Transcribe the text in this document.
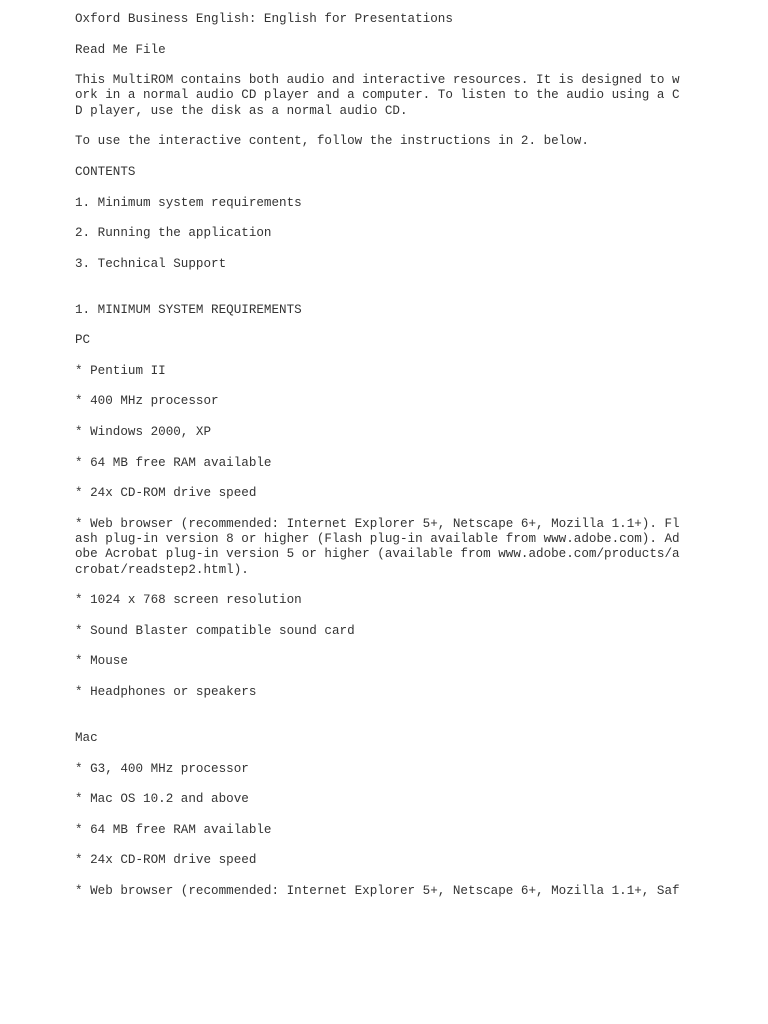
Oxford Business English: English for Presentations
Read Me File
This MultiROM contains both audio and interactive resources. It is designed to w
ork in a normal audio CD player and a computer. To listen to the audio using a C
D player, use the disk as a normal audio CD.
To use the interactive content, follow the instructions in 2. below.
CONTENTS
1. Minimum system requirements
2. Running the application
3. Technical Support
1. MINIMUM SYSTEM REQUIREMENTS
PC
* Pentium II
* 400 MHz processor
* Windows 2000, XP
* 64 MB free RAM available
* 24x CD-ROM drive speed
* Web browser (recommended: Internet Explorer 5+, Netscape 6+, Mozilla 1.1+). Fl
ash plug-in version 8 or higher (Flash plug-in available from www.adobe.com). Ad
obe Acrobat plug-in version 5 or higher (available from www.adobe.com/products/a
crobat/readstep2.html).
* 1024 x 768 screen resolution
* Sound Blaster compatible sound card
* Mouse
* Headphones or speakers
Mac
* G3, 400 MHz processor
* Mac OS 10.2 and above
* 64 MB free RAM available
* 24x CD-ROM drive speed
* Web browser (recommended: Internet Explorer 5+, Netscape 6+, Mozilla 1.1+, Saf
